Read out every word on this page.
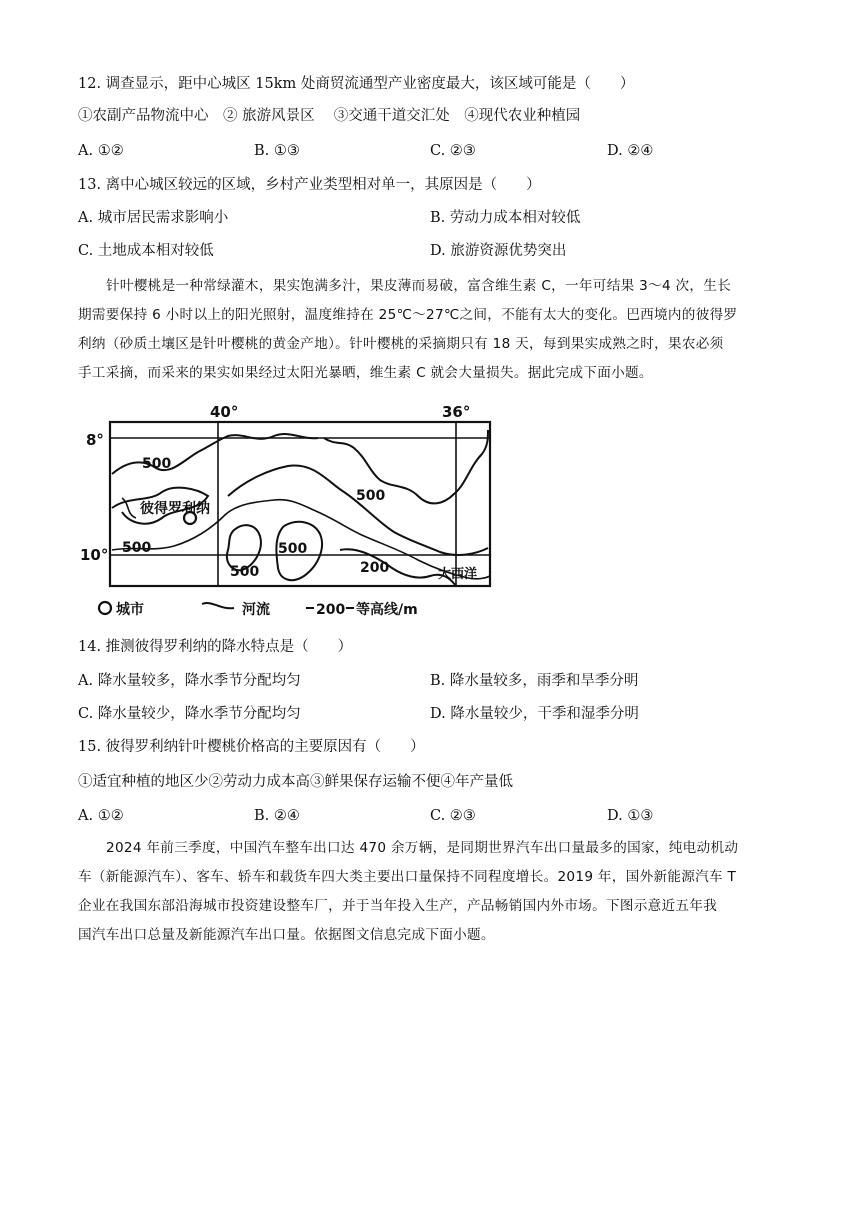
12. 调查显示，距中心城区 15km 处商贸流通型产业密度最大，该区域可能是（　　）
①农副产品物流中心　② 旅游风景区　 ③交通干道交汇处　④现代农业种植园
A. ①②	B. ①③	C. ②③	D. ②④
13. 离中心城区较远的区域，乡村产业类型相对单一，其原因是（　　）
A. 城市居民需求影响小	B. 劳动力成本相对较低
C. 土地成本相对较低	D. 旅游资源优势突出

针叶樱桃是一种常绿灌木，果实饱满多汁，果皮薄而易破，富含维生素 C，一年可结果 3～4 次，生长

期需要保持 6 小时以上的阳光照射，温度维持在 25℃～27℃之间，不能有太大的变化。巴西境内的彼得罗

利纳（砂质土壤区是针叶樱桃的黄金产地）。针叶樱桃的采摘期只有 18 天，每到果实成熟之时，果农必须

手工采摘，而采来的果实如果经过太阳光暴晒，维生素 C 就会大量损失。据此完成下面小题。

40°	36°
8°
10°
500
500
500	500
500	200
彼得罗利纳
大西洋
城市	河流	200 等高线/m
14. 推测彼得罗利纳的降水特点是（　　）
A. 降水量较多，降水季节分配均匀	B. 降水量较多，雨季和旱季分明
C. 降水量较少，降水季节分配均匀	D. 降水量较少，干季和湿季分明
15. 彼得罗利纳针叶樱桃价格高的主要原因有（　　）
①适宜种植的地区少②劳动力成本高③鲜果保存运输不便④年产量低
A. ①②	B. ②④	C. ②③	D. ①③

2024 年前三季度，中国汽车整车出口达 470 余万辆，是同期世界汽车出口量最多的国家，纯电动机动

车（新能源汽车）、客车、轿车和载货车四大类主要出口量保持不同程度增长。2019 年，国外新能源汽车 T

企业在我国东部沿海城市投资建设整车厂，并于当年投入生产，产品畅销国内外市场。下图示意近五年我

国汽车出口总量及新能源汽车出口量。依据图文信息完成下面小题。
